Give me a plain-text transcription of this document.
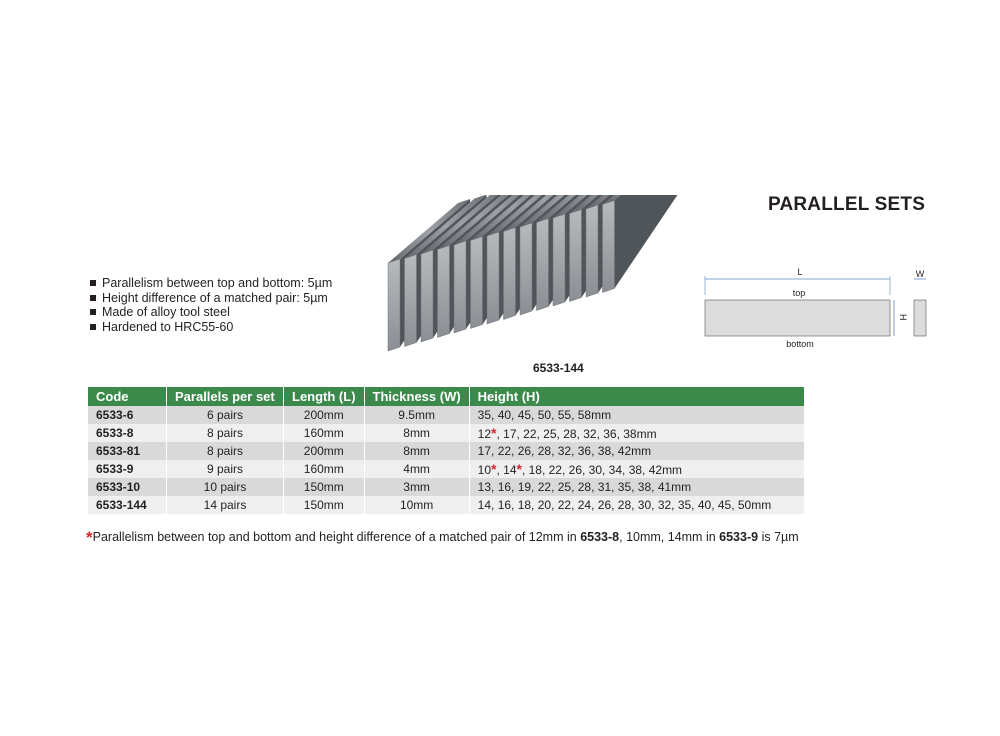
PARALLEL SETS
Parallelism between top and bottom: 5µm
Height difference of a matched pair: 5µm
Made of alloy tool steel
Hardened to HRC55-60
6533-144
L
top
H
bottom
W
Code	Parallels per set	Length (L)	Thickness (W)	Height (H)
6533-6	6 pairs	200mm	9.5mm	35, 40, 45, 50, 55, 58mm
6533-8	8 pairs	160mm	8mm	12*, 17, 22, 25, 28, 32, 36, 38mm
6533-81	8 pairs	200mm	8mm	17, 22, 26, 28, 32, 36, 38, 42mm
6533-9	9 pairs	160mm	4mm	10*, 14*, 18, 22, 26, 30, 34, 38, 42mm
6533-10	10 pairs	150mm	3mm	13, 16, 19, 22, 25, 28, 31, 35, 38, 41mm
6533-144	14 pairs	150mm	10mm	14, 16, 18, 20, 22, 24, 26, 28, 30, 32, 35, 40, 45, 50mm
*Parallelism between top and bottom and height difference of a matched pair of 12mm in 6533-8, 10mm, 14mm in 6533-9 is 7µm
